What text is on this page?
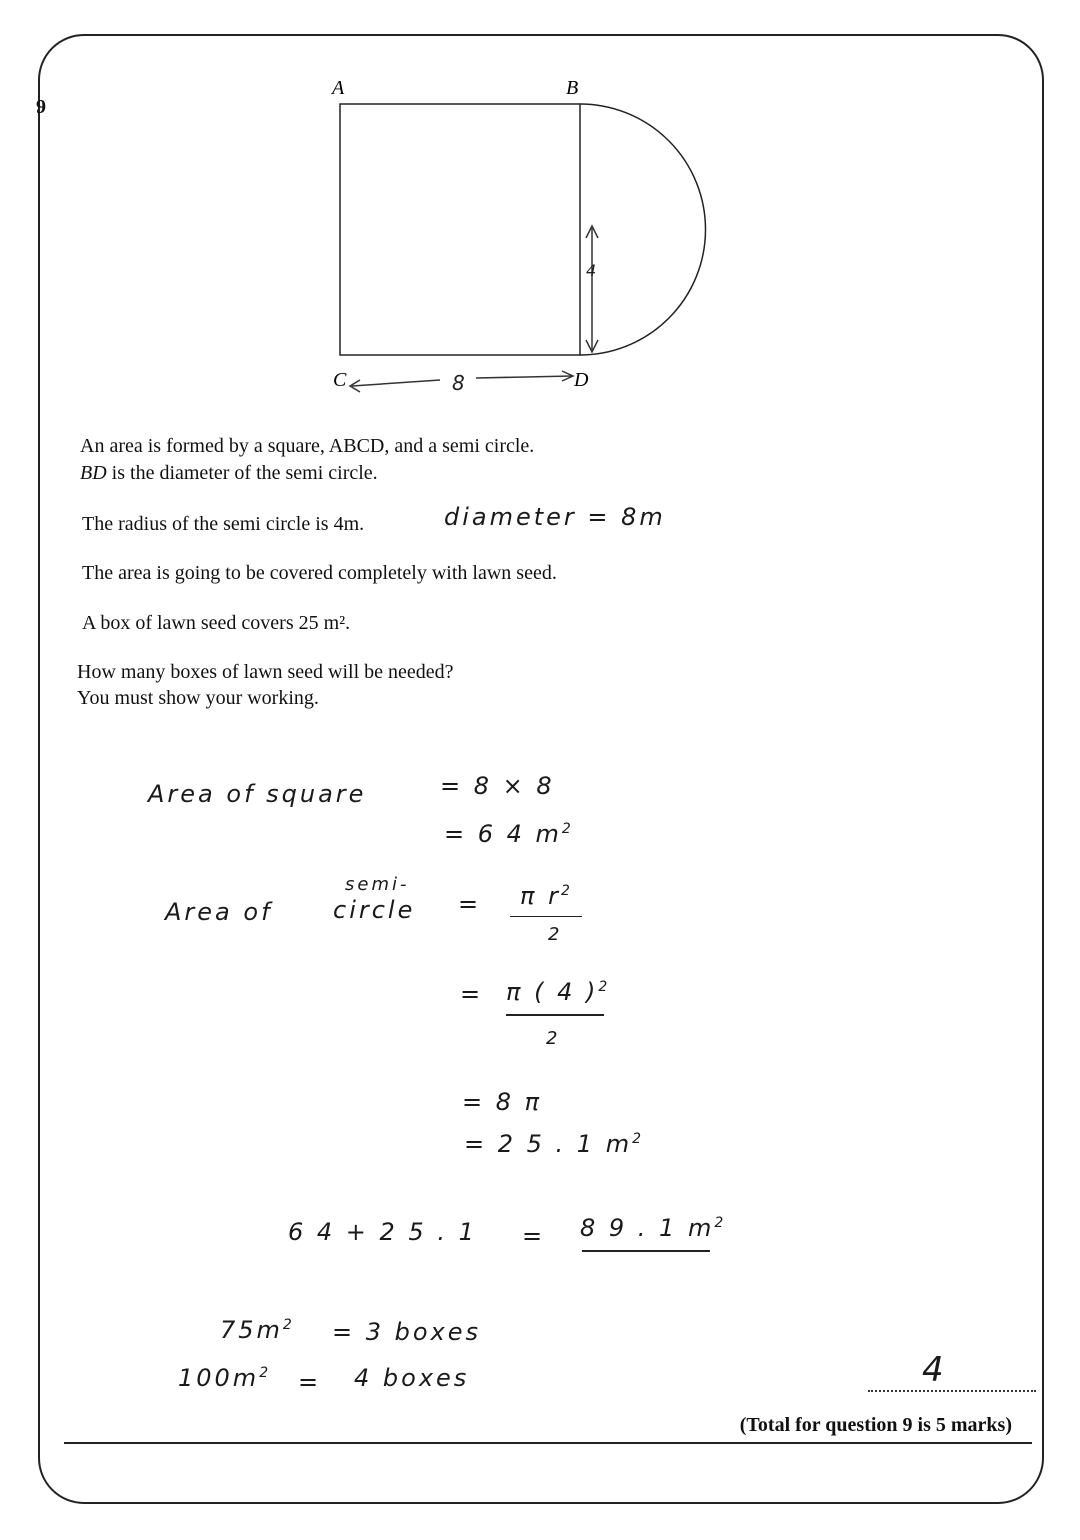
9
A	B
C	D
4
8
An area is formed by a square, ABCD, and a semi circle.
BD is the diameter of the semi circle.
The radius of the semi circle is 4m.
The area is going to be covered completely with lawn seed.
A box of lawn seed covers 25 m².
How many boxes of lawn seed will be needed?
You must show your working.
diameter = 8m
Area of square	= 8 × 8
= 6 4 $m^2$
Area of
semi-
circle = π $r^2$
2
= π ( 4 )$^2$
2
= 8 π
= 2 5 . 1 $m^2$
6 4 + 2 5 . 1 = 8 9 . 1 $m^2$
$75m^2 = 3$ boxes
$100m^2 = 4$ boxes	4
(Total for question 9 is 5 marks)
